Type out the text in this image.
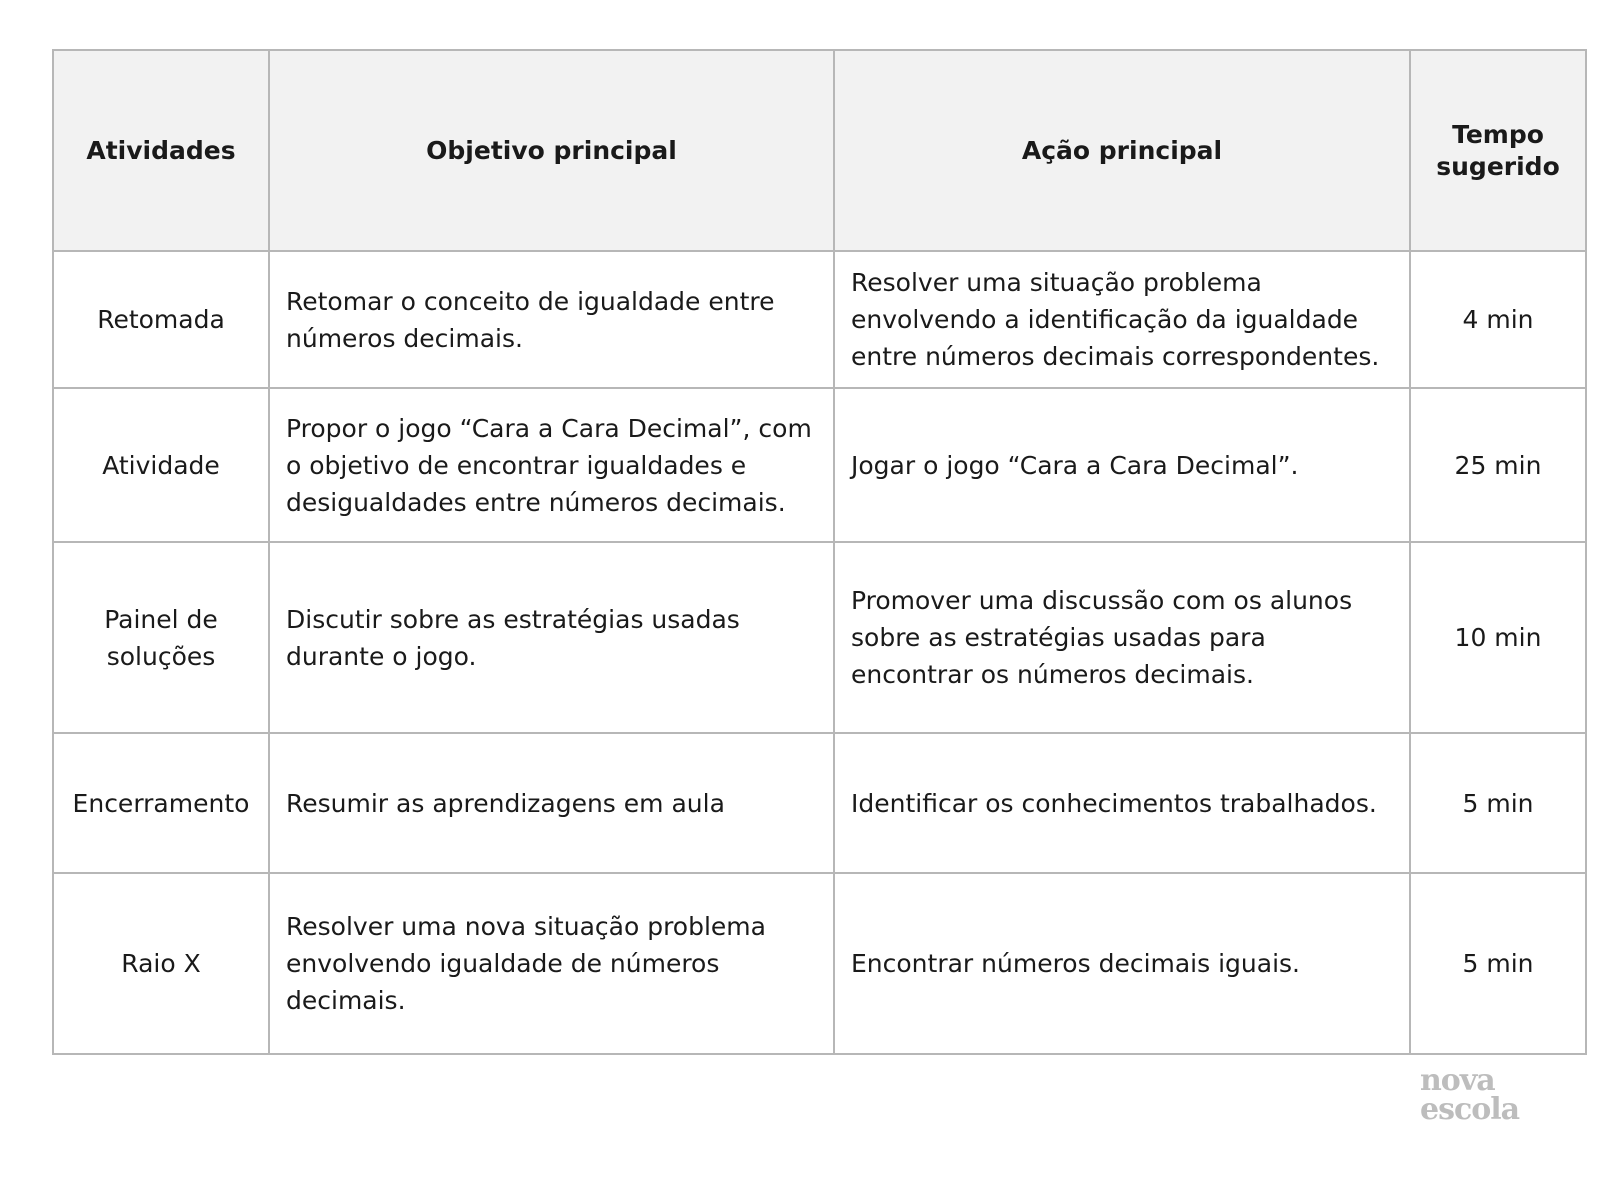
Atividades	Objetivo principal	Ação principal	Tempo sugerido
Retomada	Retomar o conceito de igualdade entre números decimais.	Resolver uma situação problema envolvendo a identificação da igualdade entre números decimais correspondentes.	4 min
Atividade	Propor o jogo “Cara a Cara Decimal”, com o objetivo de encontrar igualdades e desigualdades entre números decimais.	Jogar o jogo “Cara a Cara Decimal”.	25 min
Painel de soluções	Discutir sobre as estratégias usadas durante o jogo.	Promover uma discussão com os alunos sobre as estratégias usadas para encontrar os números decimais.	10 min
Encerramento	Resumir as aprendizagens em aula	Identificar os conhecimentos trabalhados.	5 min
Raio X	Resolver uma nova situação problema envolvendo igualdade de números decimais.	Encontrar números decimais iguais.	5 min
nova
escola
